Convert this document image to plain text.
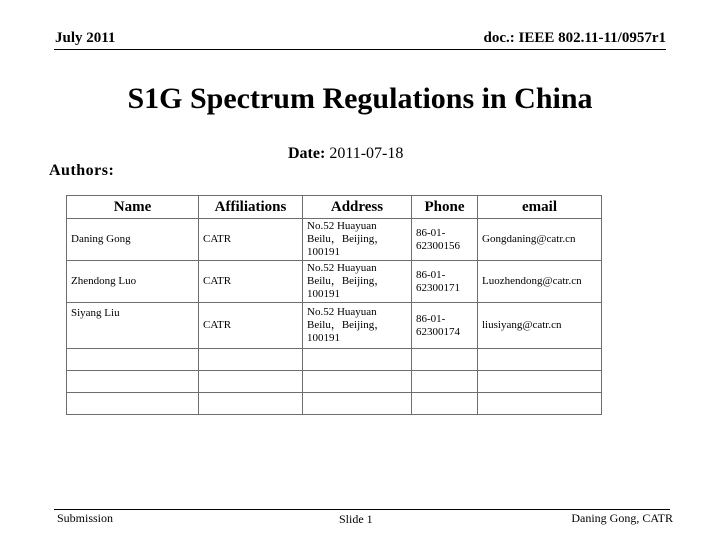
July 2011	doc.: IEEE 802.11-11/0957r1
S1G Spectrum Regulations in China
Authors:
Date: 2011-07-18
Name	Affiliations	Address	Phone	email
Daning Gong	CATR	No.52 Huayuan
Beilu，Beijing，
100191	86-01-
62300156	Gongdaning@catr.cn
Zhendong Luo	CATR	No.52 Huayuan
Beilu，Beijing，
100191	86-01-
62300171	Luozhendong@catr.cn
Siyang Liu	CATR	No.52 Huayuan
Beilu，Beijing，
100191	86-01-
62300174	liusiyang@catr.cn

Submission	Slide 1	Daning Gong, CATR
